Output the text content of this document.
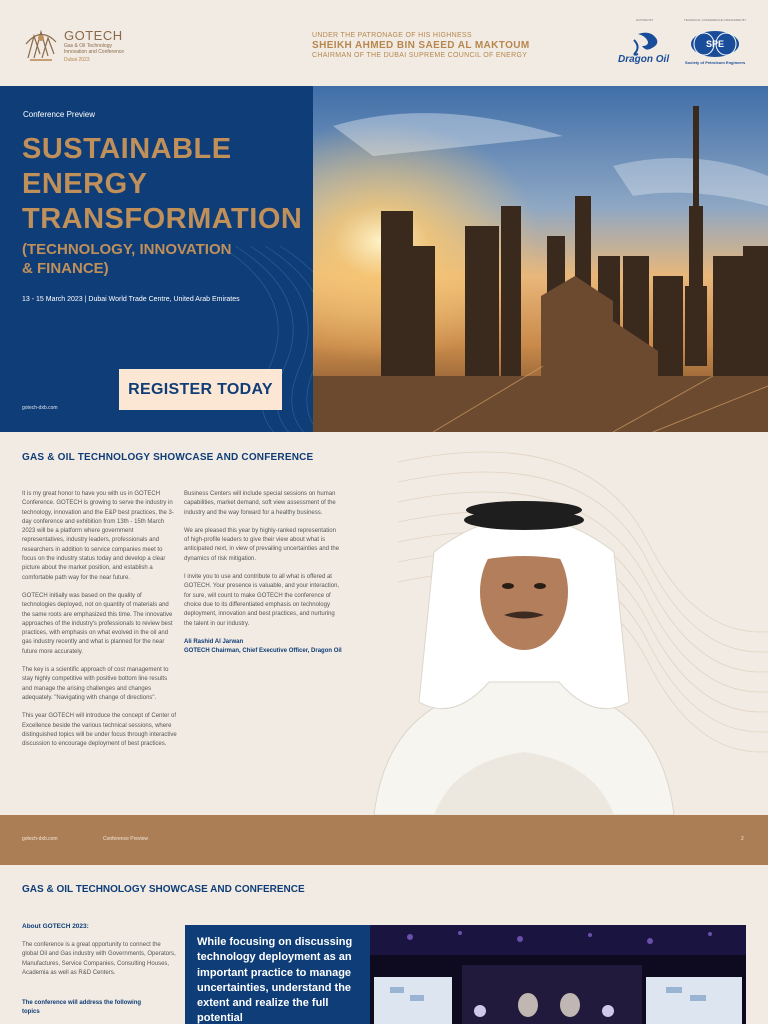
GOTECH
Gas & Oil Technology
Innovation and Conference
Dubai 2023
UNDER THE PATRONAGE OF HIS HIGHNESS
SHEIKH AHMED BIN SAEED AL MAKTOUM
CHAIRMAN OF THE DUBAI SUPREME COUNCIL OF ENERGY
HOSTED BY	TECHNICAL CONFERENCE ORGANIZED BY
Dragon Oil
SPE
Society of Petroleum Engineers
Conference Preview
SUSTAINABLE
ENERGY
TRANSFORMATION
(TECHNOLOGY, INNOVATION
& FINANCE)
13 - 15 March 2023 | Dubai World Trade Centre, United Arab Emirates
gotech-dxb.com
REGISTER TODAY
GAS & OIL TECHNOLOGY SHOWCASE AND CONFERENCE

It is my great honor to have you with us in GOTECH Conference. GOTECH is growing to serve the industry in technology, innovation and the E&P best practices, the 3-day conference and exhibition from 13th - 15th March 2023 will be a platform where government representatives, industry leaders, professionals and researchers in addition to service companies meet to focus on the industry status today and develop a clear picture about the market position, and establish a comfortable path way for the near future.

GOTECH initially was based on the quality of technologies deployed, not on quantity of materials and the same roots are emphasized this time. The innovative approaches of the industry's professionals to review best practices, with emphasis on what evolved in the oil and gas industry recently and what is planned for the near future more accurately.

The key is a scientific approach of cost management to stay highly competitive with positive bottom line results and manage the arising challenges and changes adequately. "Navigating with change of directions".

This year GOTECH will introduce the concept of Center of Excellence beside the various technical sessions, where distinguished topics will be under focus through interactive discussion to encourage deployment of best practices.

Business Centers will include special sessions on human capabilities, market demand, soft view assessment of the industry and the way forward for a healthy business.

We are pleased this year by highly-ranked representation of high-profile leaders to give their view about what is anticipated next, in view of prevailing uncertainties and the dynamics of risk mitigation.

I invite you to use and contribute to all what is offered at GOTECH. Your presence is valuable, and your interaction, for sure, will count to make GOTECH the conference of choice due to its differentiated emphasis on technology deployment, innovation and best practices, and nurturing the talent in our industry.

Ali Rashid Al Jarwan
GOTECH Chairman, Chief Executive Officer, Dragon Oil
gotech-dxb.com	Conference Preview	2
GAS & OIL TECHNOLOGY SHOWCASE AND CONFERENCE
About GOTECH 2023:
The conference is a great opportunity to connect the global Oil and Gas industry with Governments, Operators, Manufactures, Service Companies, Consulting Houses, Academia as well as R&D Centers.
The conference will address the following topics
While focusing on discussing technology deployment as an important practice to manage uncertainties, understand the extent and realize the full potential
